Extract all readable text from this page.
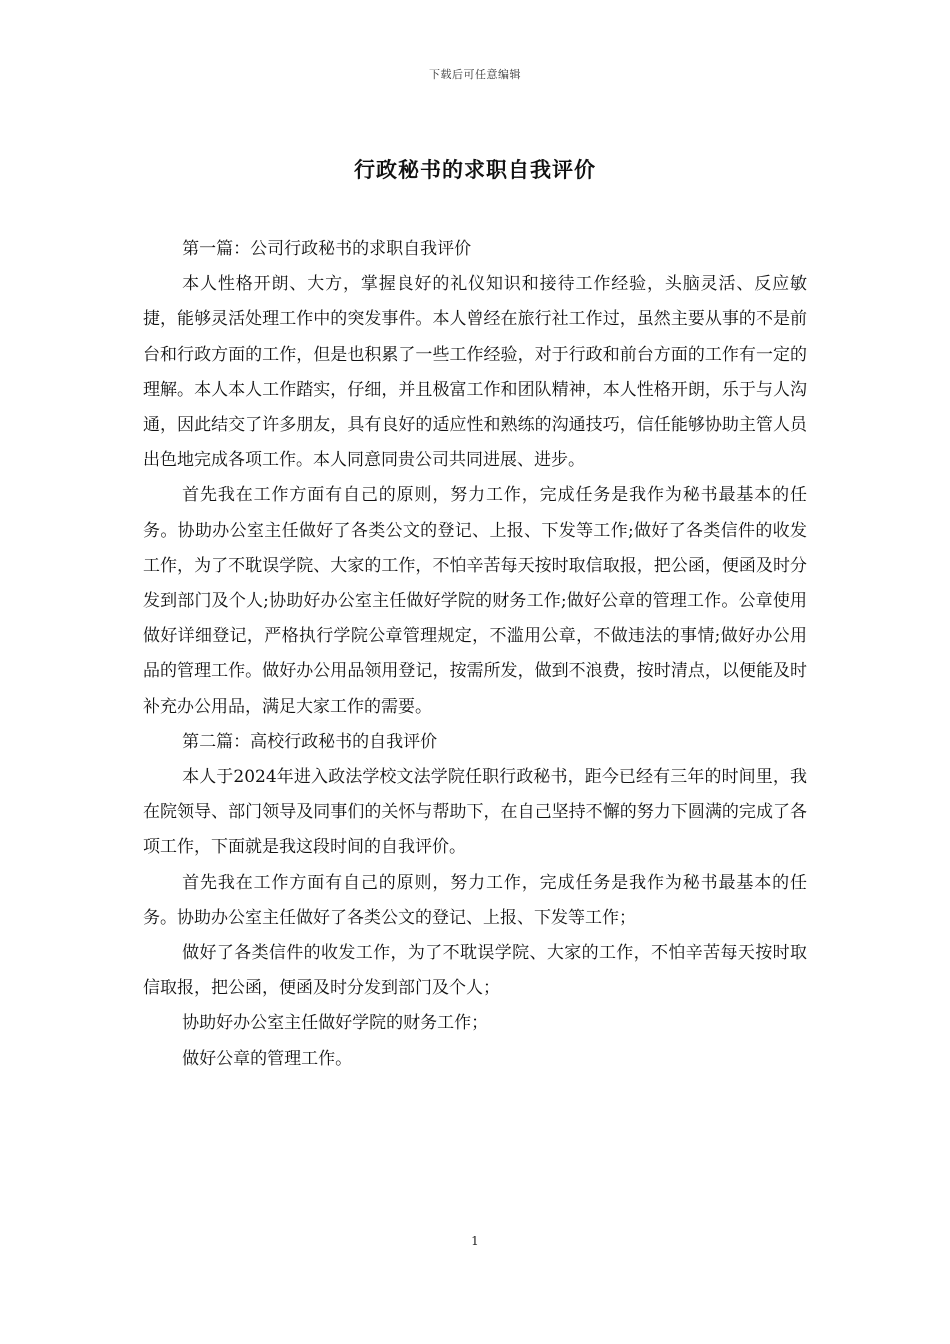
下载后可任意编辑
行政秘书的求职自我评价

第一篇：公司行政秘书的求职自我评价

本人性格开朗、大方，掌握良好的礼仪知识和接待工作经验，头脑灵活、反应敏捷，能够灵活处理工作中的突发事件。本人曾经在旅行社工作过，虽然主要从事的不是前台和行政方面的工作，但是也积累了一些工作经验，对于行政和前台方面的工作有一定的理解。本人本人工作踏实，仔细，并且极富工作和团队精神，本人性格开朗，乐于与人沟通，因此结交了许多朋友，具有良好的适应性和熟练的沟通技巧，信任能够协助主管人员出色地完成各项工作。本人同意同贵公司共同进展、进步。

首先我在工作方面有自己的原则，努力工作，完成任务是我作为秘书最基本的任务。协助办公室主任做好了各类公文的登记、上报、下发等工作;做好了各类信件的收发工作，为了不耽误学院、大家的工作，不怕辛苦每天按时取信取报，把公函，便函及时分发到部门及个人;协助好办公室主任做好学院的财务工作;做好公章的管理工作。公章使用做好详细登记，严格执行学院公章管理规定，不滥用公章，不做违法的事情;做好办公用品的管理工作。做好办公用品领用登记，按需所发，做到不浪费，按时清点，以便能及时补充办公用品，满足大家工作的需要。

第二篇：高校行政秘书的自我评价

本人于2024年进入政法学校文法学院任职行政秘书，距今已经有三年的时间里，我在院领导、部门领导及同事们的关怀与帮助下，在自己坚持不懈的努力下圆满的完成了各项工作，下面就是我这段时间的自我评价。

首先我在工作方面有自己的原则，努力工作，完成任务是我作为秘书最基本的任务。协助办公室主任做好了各类公文的登记、上报、下发等工作；

做好了各类信件的收发工作，为了不耽误学院、大家的工作，不怕辛苦每天按时取信取报，把公函，便函及时分发到部门及个人；

协助好办公室主任做好学院的财务工作；

做好公章的管理工作。

1
